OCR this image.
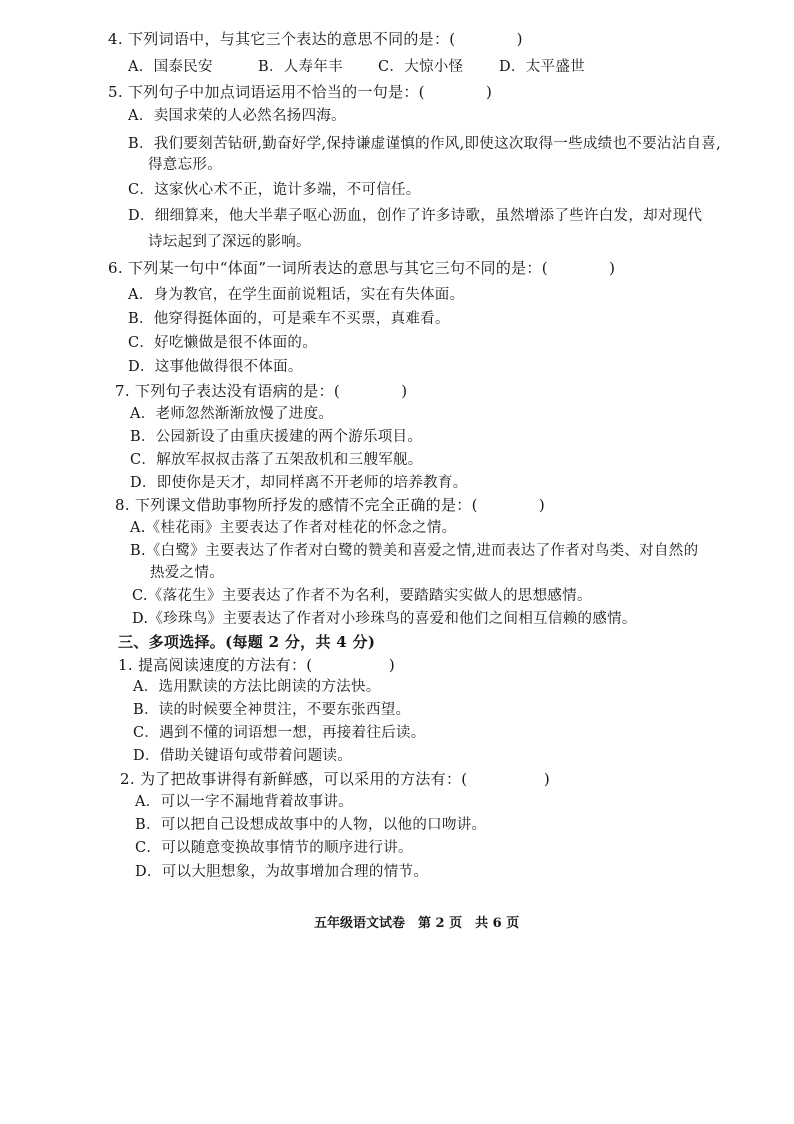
4. 下列词语中，与其它三个表达的意思不同的是：(　　　　)
A．国泰民安	B．人寿年丰 C．大惊小怪 D．太平盛世
5. 下列句子中加点词语运用不恰当的一句是：(　　　　)
A．卖国求荣的人必然名扬四海。
B．我们要刻苦钻研,勤奋好学,保持谦虚谨慎的作风,即使这次取得一些成绩也不要沾沾自喜,
得意忘形。
C．这家伙心术不正，诡计多端，不可信任。
D．细细算来，他大半辈子呕心沥血，创作了许多诗歌，虽然增添了些许白发，却对现代
诗坛起到了深远的影响。
6. 下列某一句中“体面”一词所表达的意思与其它三句不同的是：(　　　　)
A．身为教官，在学生面前说粗话，实在有失体面。
B．他穿得挺体面的，可是乘车不买票，真难看。
C．好吃懒做是很不体面的。
D．这事他做得很不体面。
7. 下列句子表达没有语病的是：(　　　　)
A．老师忽然渐渐放慢了进度。
B．公园新设了由重庆援建的两个游乐项目。
C．解放军叔叔击落了五架敌机和三艘军舰。
D．即使你是天才，却同样离不开老师的培养教育。
8. 下列课文借助事物所抒发的感情不完全正确的是：(　　　　)
A.《桂花雨》主要表达了作者对桂花的怀念之情。
B.《白鹭》主要表达了作者对白鹭的赞美和喜爱之情,进而表达了作者对鸟类、对自然的
热爱之情。
C.《落花生》主要表达了作者不为名利，要踏踏实实做人的思想感情。
D.《珍珠鸟》主要表达了作者对小珍珠鸟的喜爱和他们之间相互信赖的感情。
三、多项选择。(每题 2 分，共 4 分)
1. 提高阅读速度的方法有：(　　　　　)
A．选用默读的方法比朗读的方法快。
B．读的时候要全神贯注，不要东张西望。
C．遇到不懂的词语想一想，再接着往后读。
D．借助关键语句或带着问题读。
2. 为了把故事讲得有新鲜感，可以采用的方法有：(　　　　　)
A．可以一字不漏地背着故事讲。
B．可以把自己设想成故事中的人物，以他的口吻讲。
C．可以随意变换故事情节的顺序进行讲。
D．可以大胆想象，为故事增加合理的情节。
五年级语文试卷　第 2 页　共 6 页
